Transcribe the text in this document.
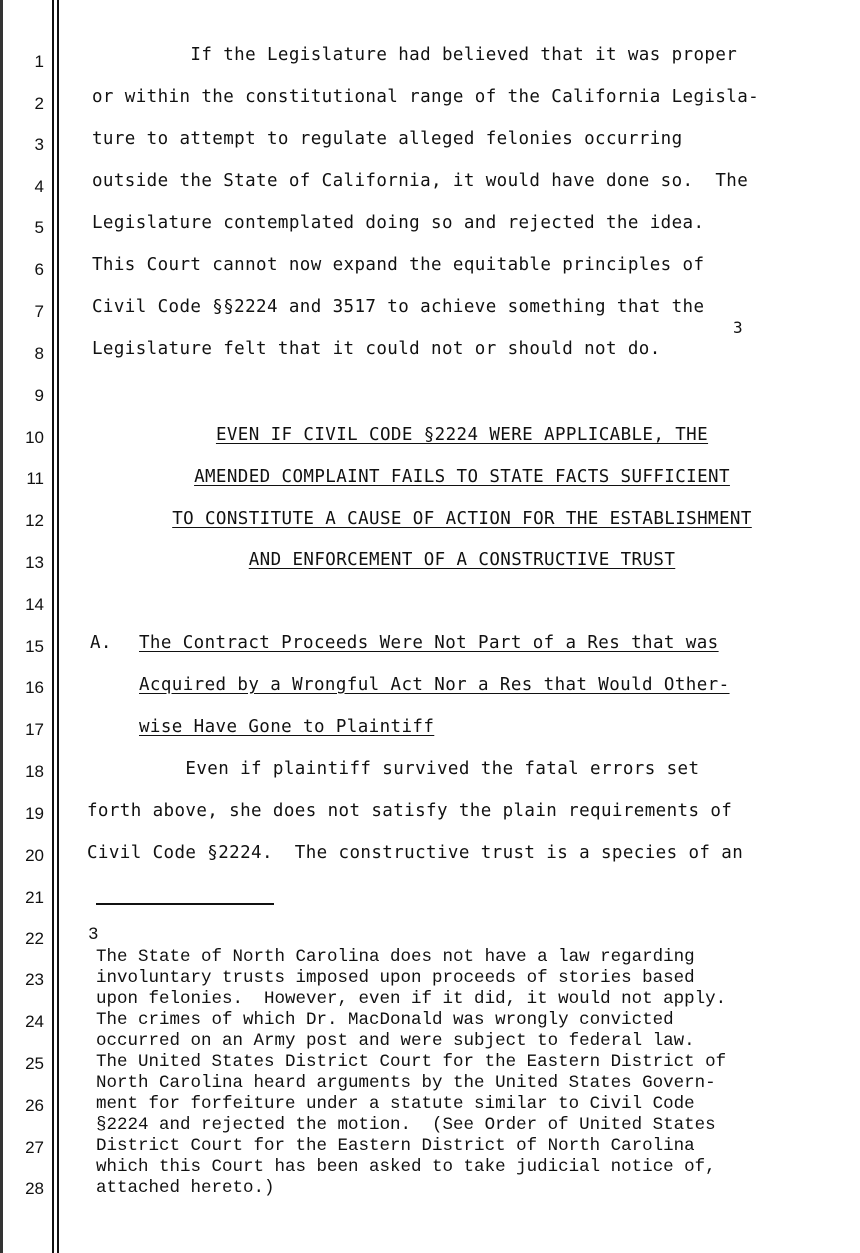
1
2
3
4
5
6
7
8
9
10
11
12
13
14
15
16
17
18
19
20
21
22
23
24
25
26
27
28
If the Legislature had believed that it was proper
or within the constitutional range of the California Legisla-
ture to attempt to regulate alleged felonies occurring
outside the State of California, it would have done so.  The
Legislature contemplated doing so and rejected the idea.
This Court cannot now expand the equitable principles of
Civil Code §§2224 and 3517 to achieve something that the
Legislature felt that it could not or should not do.
3
EVEN IF CIVIL CODE §2224 WERE APPLICABLE, THE
AMENDED COMPLAINT FAILS TO STATE FACTS SUFFICIENT
TO CONSTITUTE A CAUSE OF ACTION FOR THE ESTABLISHMENT
AND ENFORCEMENT OF A CONSTRUCTIVE TRUST
A. The Contract Proceeds Were Not Part of a Res that was
Acquired by a Wrongful Act Nor a Res that Would Other-
wise Have Gone to Plaintiff
Even if plaintiff survived the fatal errors set
forth above, she does not satisfy the plain requirements of
Civil Code §2224.  The constructive trust is a species of an
3
The State of North Carolina does not have a law regarding
involuntary trusts imposed upon proceeds of stories based
upon felonies.  However, even if it did, it would not apply.
The crimes of which Dr. MacDonald was wrongly convicted
occurred on an Army post and were subject to federal law.
The United States District Court for the Eastern District of
North Carolina heard arguments by the United States Govern-
ment for forfeiture under a statute similar to Civil Code
§2224 and rejected the motion.  (See Order of United States
District Court for the Eastern District of North Carolina
which this Court has been asked to take judicial notice of,
attached hereto.)
